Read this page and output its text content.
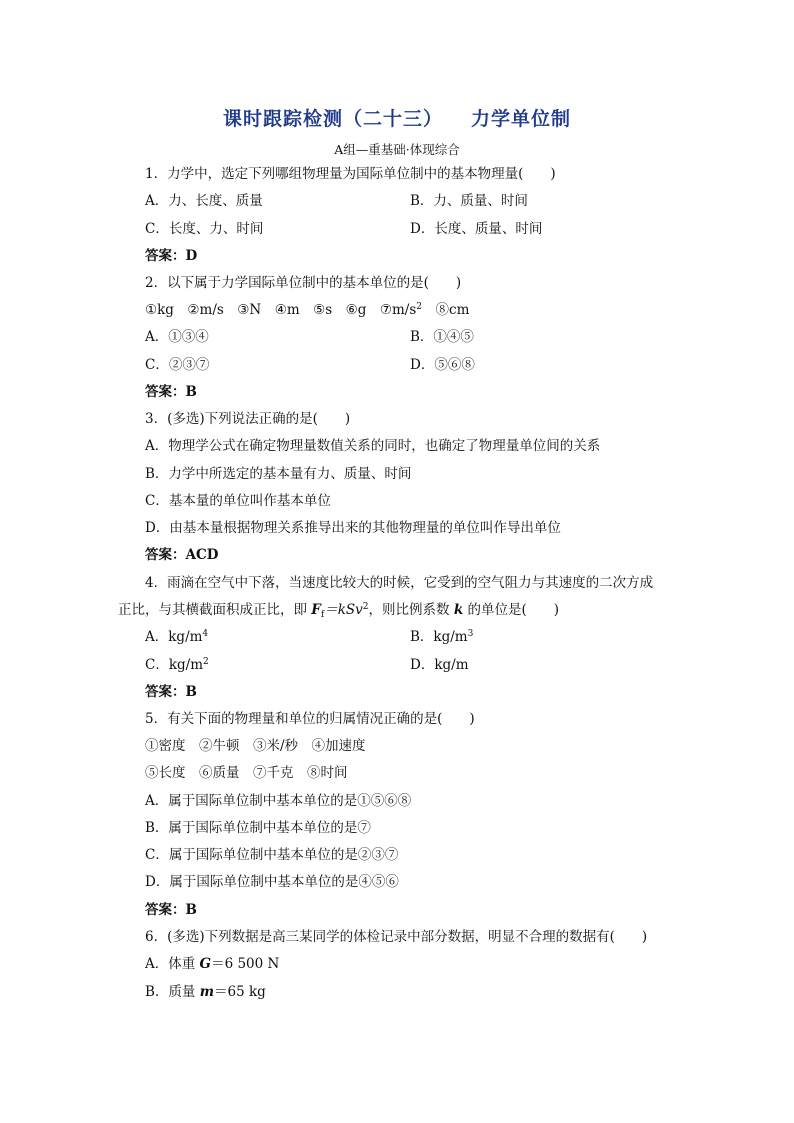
课时跟踪检测（二十三） 力学单位制
A组—重基础·体现综合
1．力学中，选定下列哪组物理量为国际单位制中的基本物理量(　　)
A．力、长度、质量	B．力、质量、时间
C．长度、力、时间	D．长度、质量、时间
答案：D
2．以下属于力学国际单位制中的基本单位的是(　　)
①kg　②m/s　③N　④m　⑤s　⑥g　$⑦m/s^2$　⑧cm
A．①③④	B．①④⑤
C．②③⑦	D．⑤⑥⑧
答案：B
3．(多选)下列说法正确的是(　　)
A．物理学公式在确定物理量数值关系的同时，也确定了物理量单位间的关系
B．力学中所选定的基本量有力、质量、时间
C．基本量的单位叫作基本单位
D．由基本量根据物理关系推导出来的其他物理量的单位叫作导出单位
答案：ACD
4．雨滴在空气中下落，当速度比较大的时候，它受到的空气阻力与其速度的二次方成
正比，与其横截面积成正比，即 $F_f=kSv^2$，则比例系数 k 的单位是(　　)
A．$kg/m^4$	B．$kg/m^3$
C．$kg/m^2$	D．kg/m
答案：B
5．有关下面的物理量和单位的归属情况正确的是(　　)
①密度　②牛顿　③米/秒　④加速度
⑤长度　⑥质量　⑦千克　⑧时间
A．属于国际单位制中基本单位的是①⑤⑥⑧
B．属于国际单位制中基本单位的是⑦
C．属于国际单位制中基本单位的是②③⑦
D．属于国际单位制中基本单位的是④⑤⑥
答案：B
6．(多选)下列数据是高三某同学的体检记录中部分数据，明显不合理的数据有(　　)
A．体重 G＝6 500 N
B．质量 m＝65 kg
